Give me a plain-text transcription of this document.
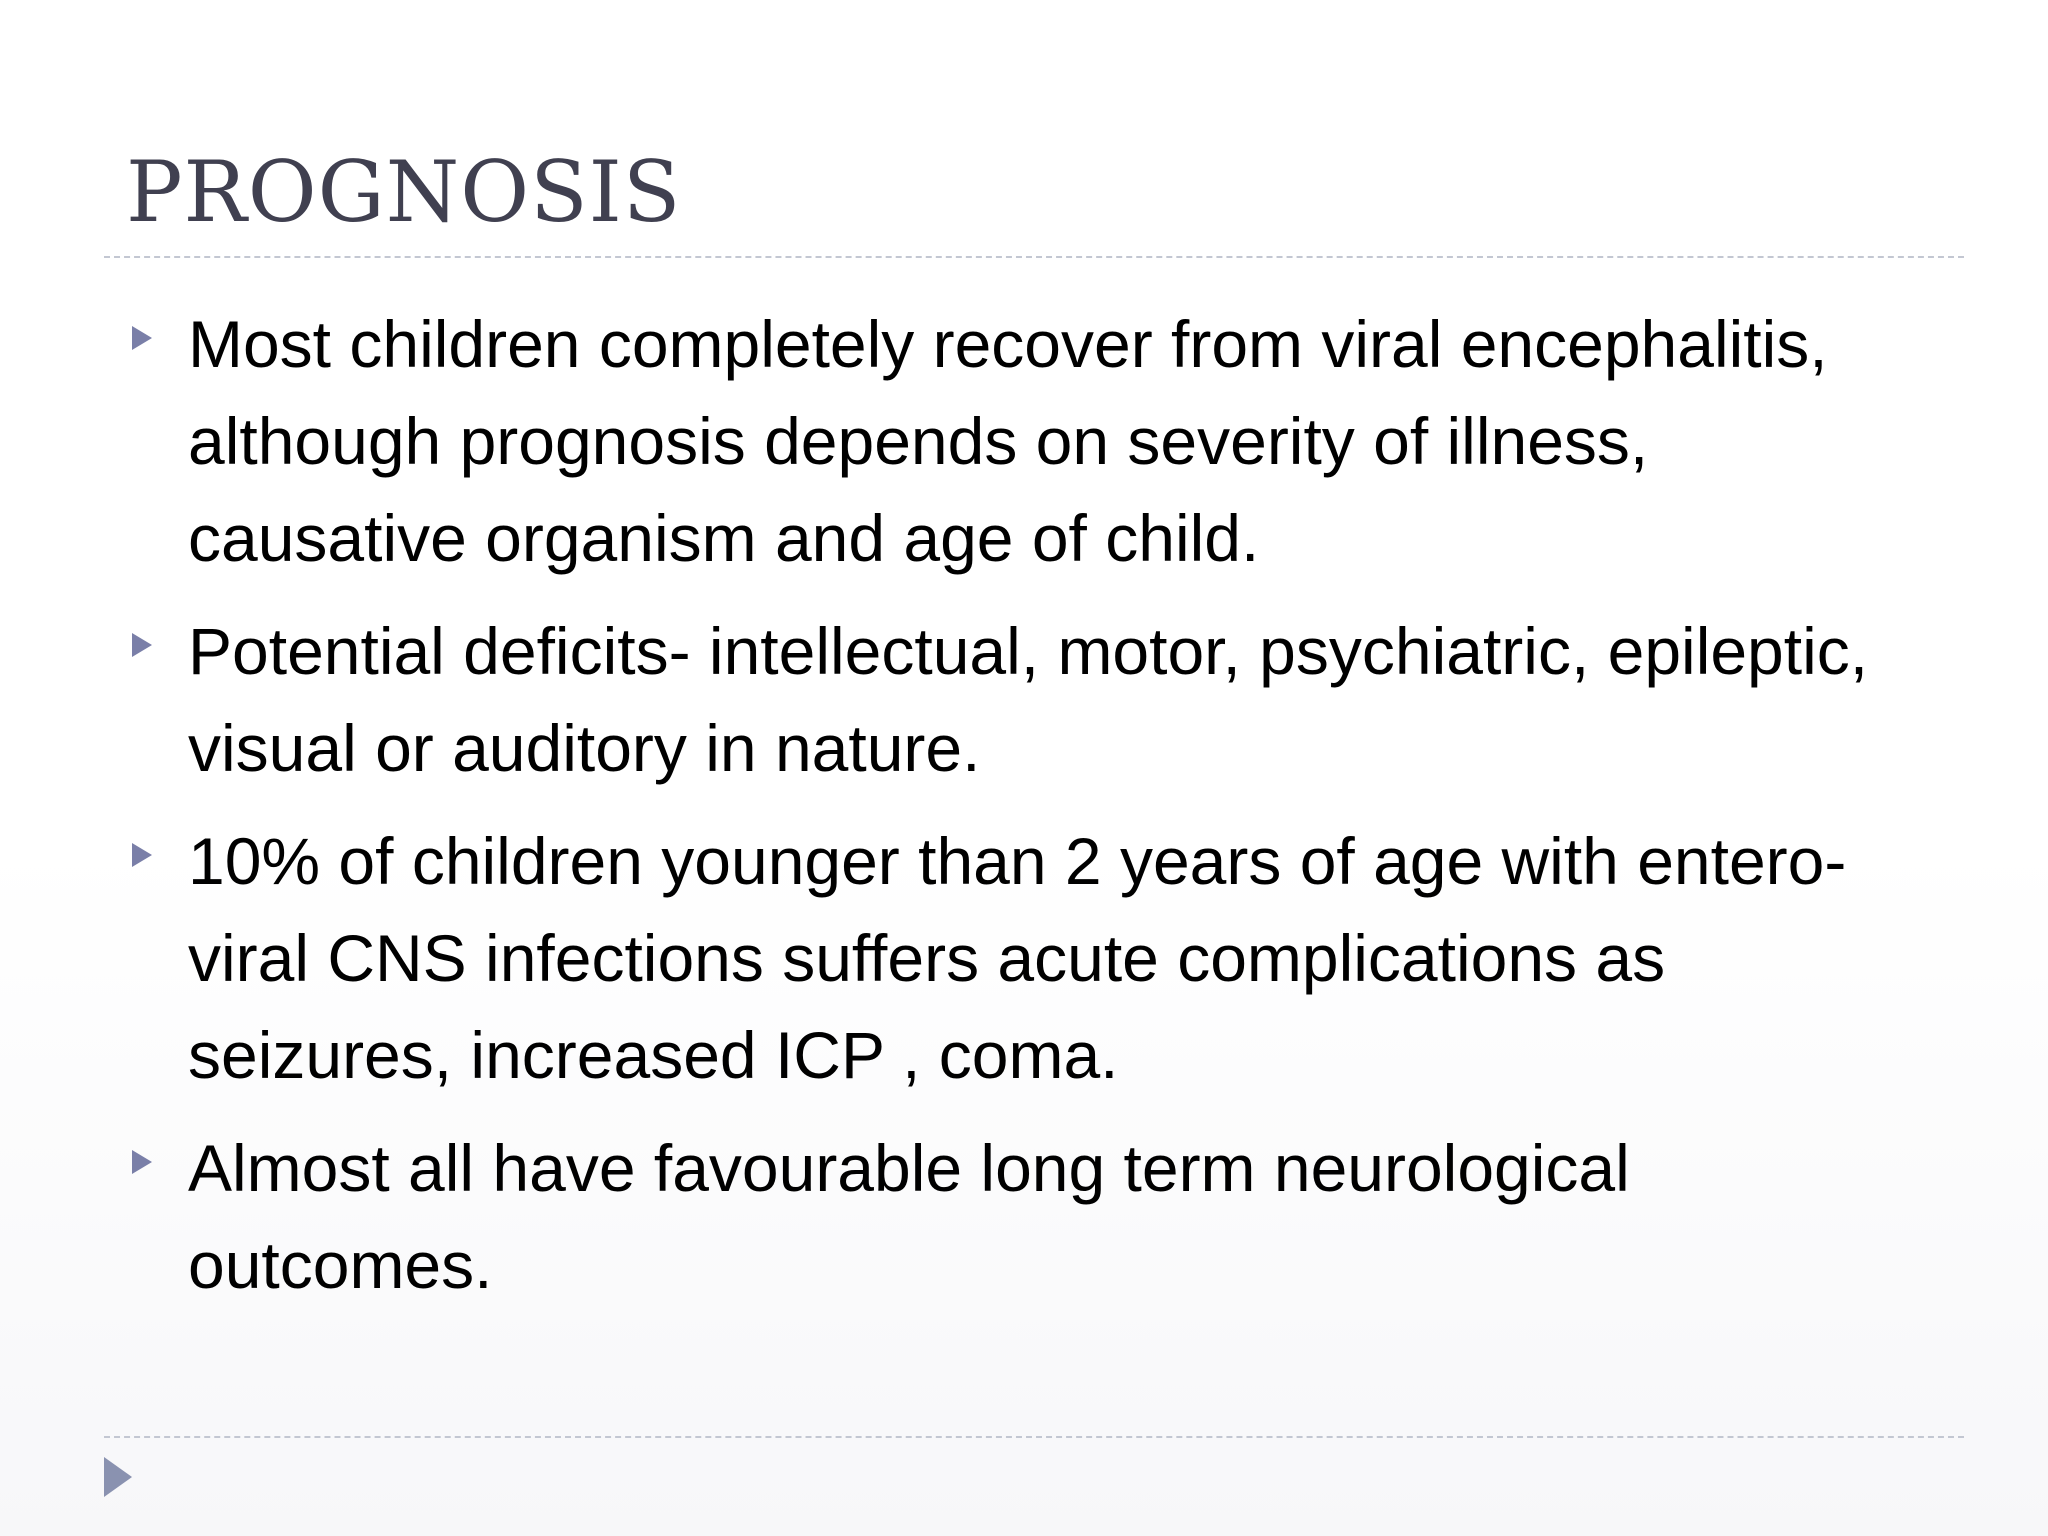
PROGNOSIS
Most children completely recover from viral encephalitis, although prognosis depends on severity of illness, causative organism and age of child.
Potential deficits- intellectual, motor, psychiatric, epileptic, visual or auditory in nature.
10% of children younger than 2 years of age with entero-viral CNS infections suffers acute complications as seizures, increased ICP , coma.
Almost all have favourable long term neurological outcomes.
